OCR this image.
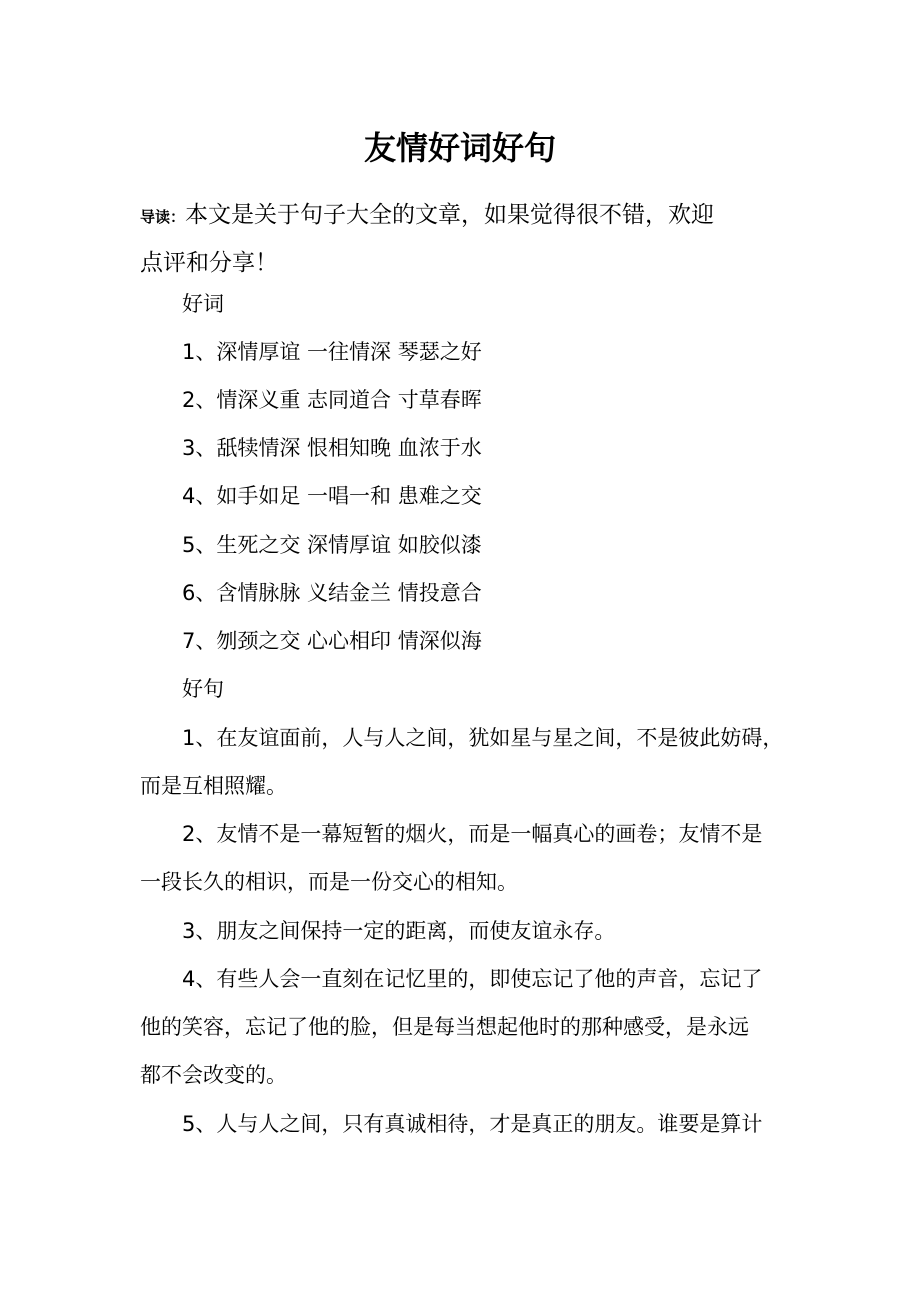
友情好词好句
导读：本文是关于句子大全的文章，如果觉得很不错，欢迎
点评和分享！
好词
1、深情厚谊 一往情深 琴瑟之好
2、情深义重 志同道合 寸草春晖
3、舐犊情深 恨相知晚 血浓于水
4、如手如足 一唱一和 患难之交
5、生死之交 深情厚谊 如胶似漆
6、含情脉脉 义结金兰 情投意合
7、刎颈之交 心心相印 情深似海
好句
1、在友谊面前，人与人之间，犹如星与星之间，不是彼此妨碍，
而是互相照耀。
2、友情不是一幕短暂的烟火，而是一幅真心的画卷；友情不是
一段长久的相识，而是一份交心的相知。
3、朋友之间保持一定的距离，而使友谊永存。
4、有些人会一直刻在记忆里的，即使忘记了他的声音，忘记了
他的笑容，忘记了他的脸，但是每当想起他时的那种感受，是永远
都不会改变的。
5、人与人之间，只有真诚相待，才是真正的朋友。谁要是算计
